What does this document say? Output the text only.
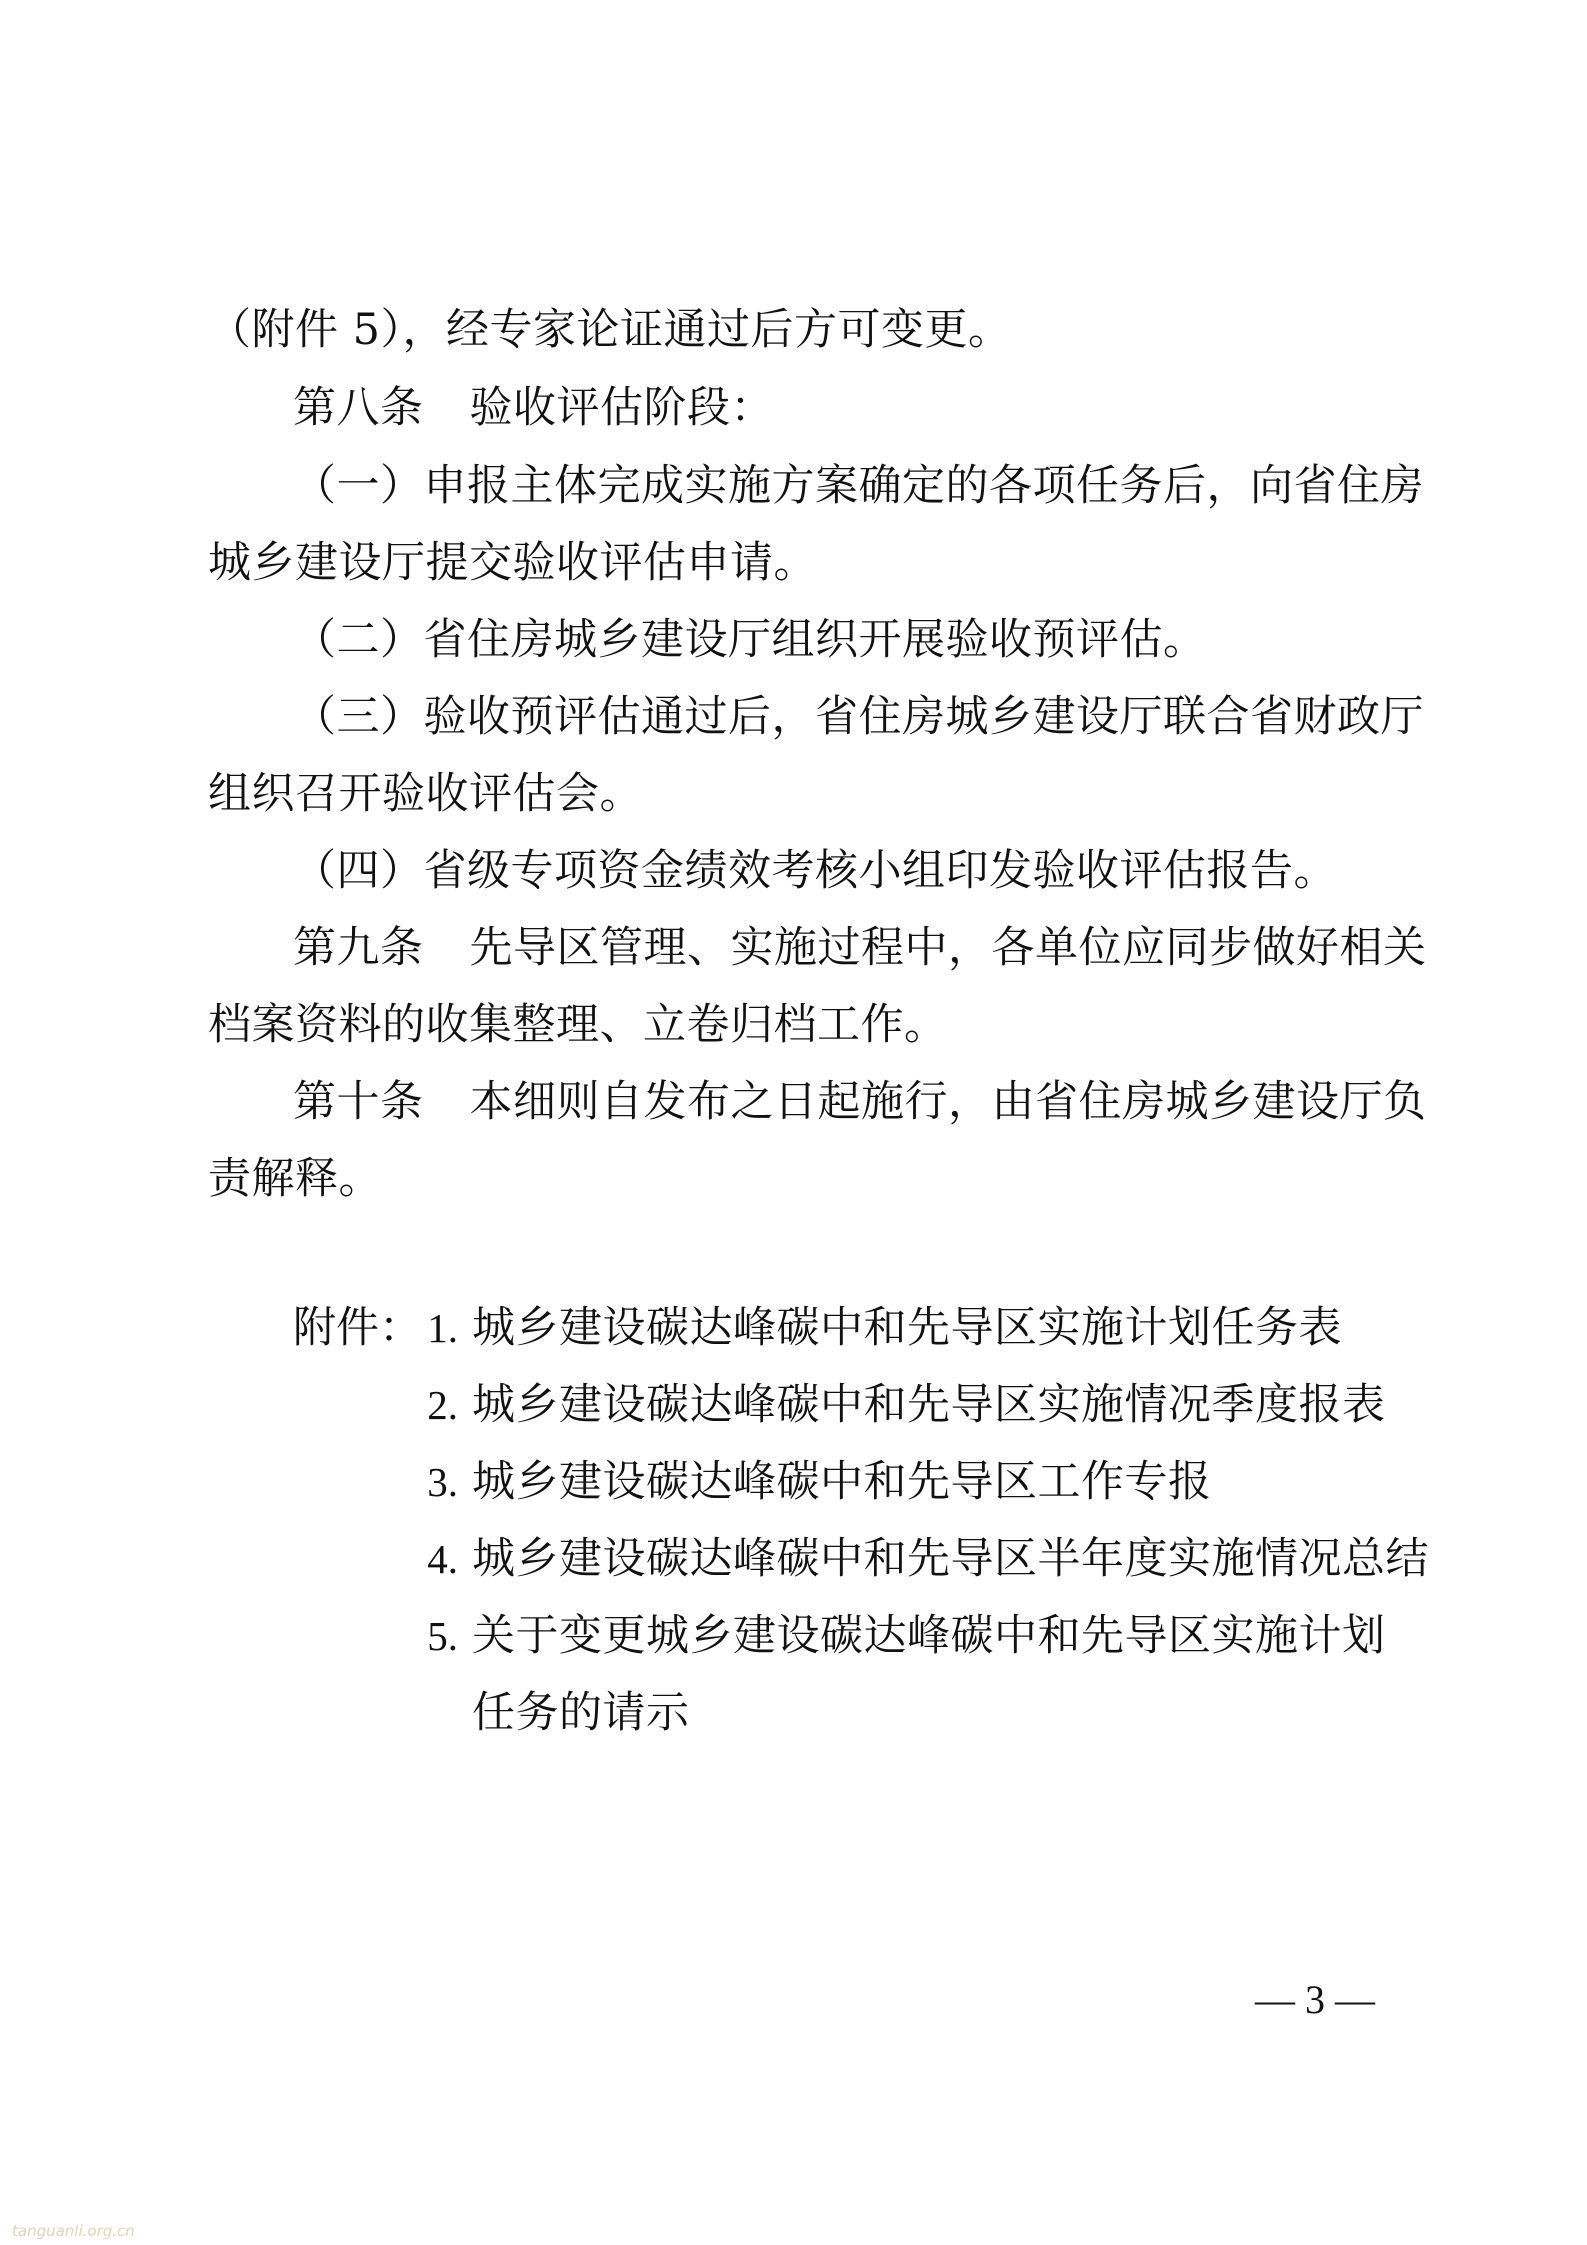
（附件 5），经专家论证通过后方可变更。
第八条 验收评估阶段：
（一）申报主体完成实施方案确定的各项任务后，向省住房
城乡建设厅提交验收评估申请。
（二）省住房城乡建设厅组织开展验收预评估。
（三）验收预评估通过后，省住房城乡建设厅联合省财政厅
组织召开验收评估会。
（四）省级专项资金绩效考核小组印发验收评估报告。
第九条 先导区管理、实施过程中，各单位应同步做好相关
档案资料的收集整理、立卷归档工作。
第十条 本细则自发布之日起施行，由省住房城乡建设厅负
责解释。
附件： 1. 城乡建设碳达峰碳中和先导区实施计划任务表
2. 城乡建设碳达峰碳中和先导区实施情况季度报表
3. 城乡建设碳达峰碳中和先导区工作专报
4. 城乡建设碳达峰碳中和先导区半年度实施情况总结
5. 关于变更城乡建设碳达峰碳中和先导区实施计划
任务的请示
— 3 —
tanguanli.org.cn
